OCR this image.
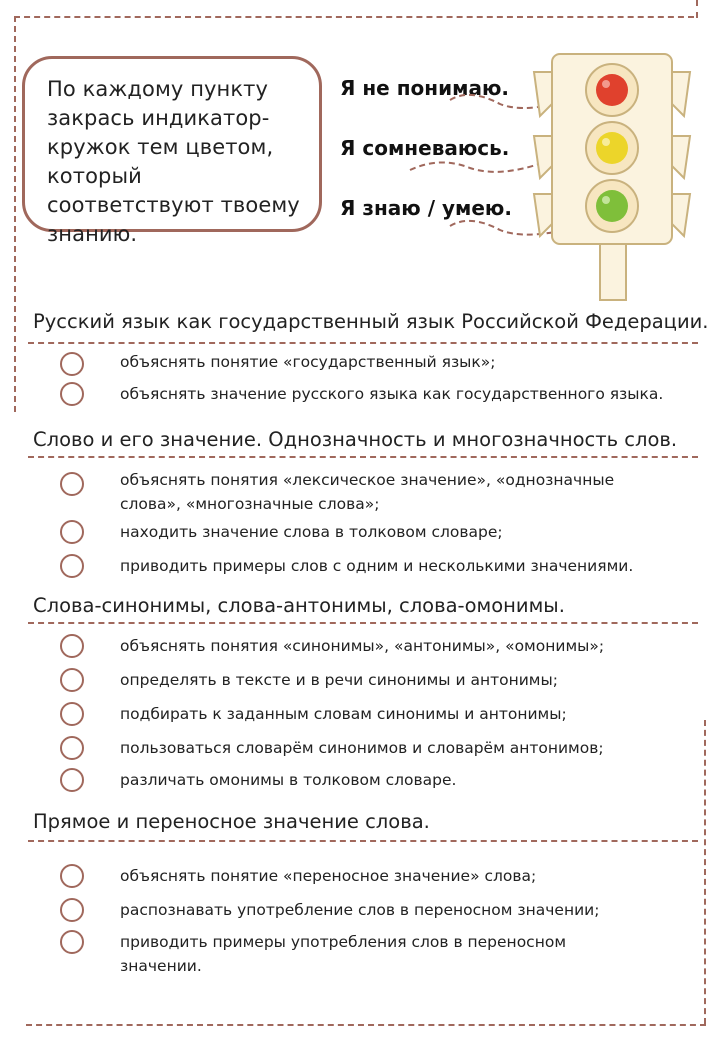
По каждому пункту закрась индикатор-кружок тем цветом, который соответствуют твоему знанию.
Я не понимаю.
Я сомневаюсь.
Я знаю / умею.
Русский язык как государственный язык Российской Федерации.
объяснять понятие «государственный язык»;
объяснять значение русского языка как государственного языка.
Слово и его значение. Однозначность и многозначность слов.
объяснять понятия «лексическое значение», «однозначные слова», «многозначные слова»;
находить значение слова в толковом словаре;
приводить примеры слов с одним и несколькими значениями.
Слова-синонимы, слова-антонимы, слова-омонимы.
объяснять понятия «синонимы», «антонимы», «омонимы»;
определять в тексте и в речи синонимы и антонимы;
подбирать к заданным словам синонимы и антонимы;
пользоваться словарём синонимов и словарём антонимов;
различать омонимы в толковом словаре.
Прямое и переносное значение слова.
объяснять понятие «переносное значение» слова;
распознавать употребление слов в переносном значении;
приводить примеры употребления слов в переносном значении.
